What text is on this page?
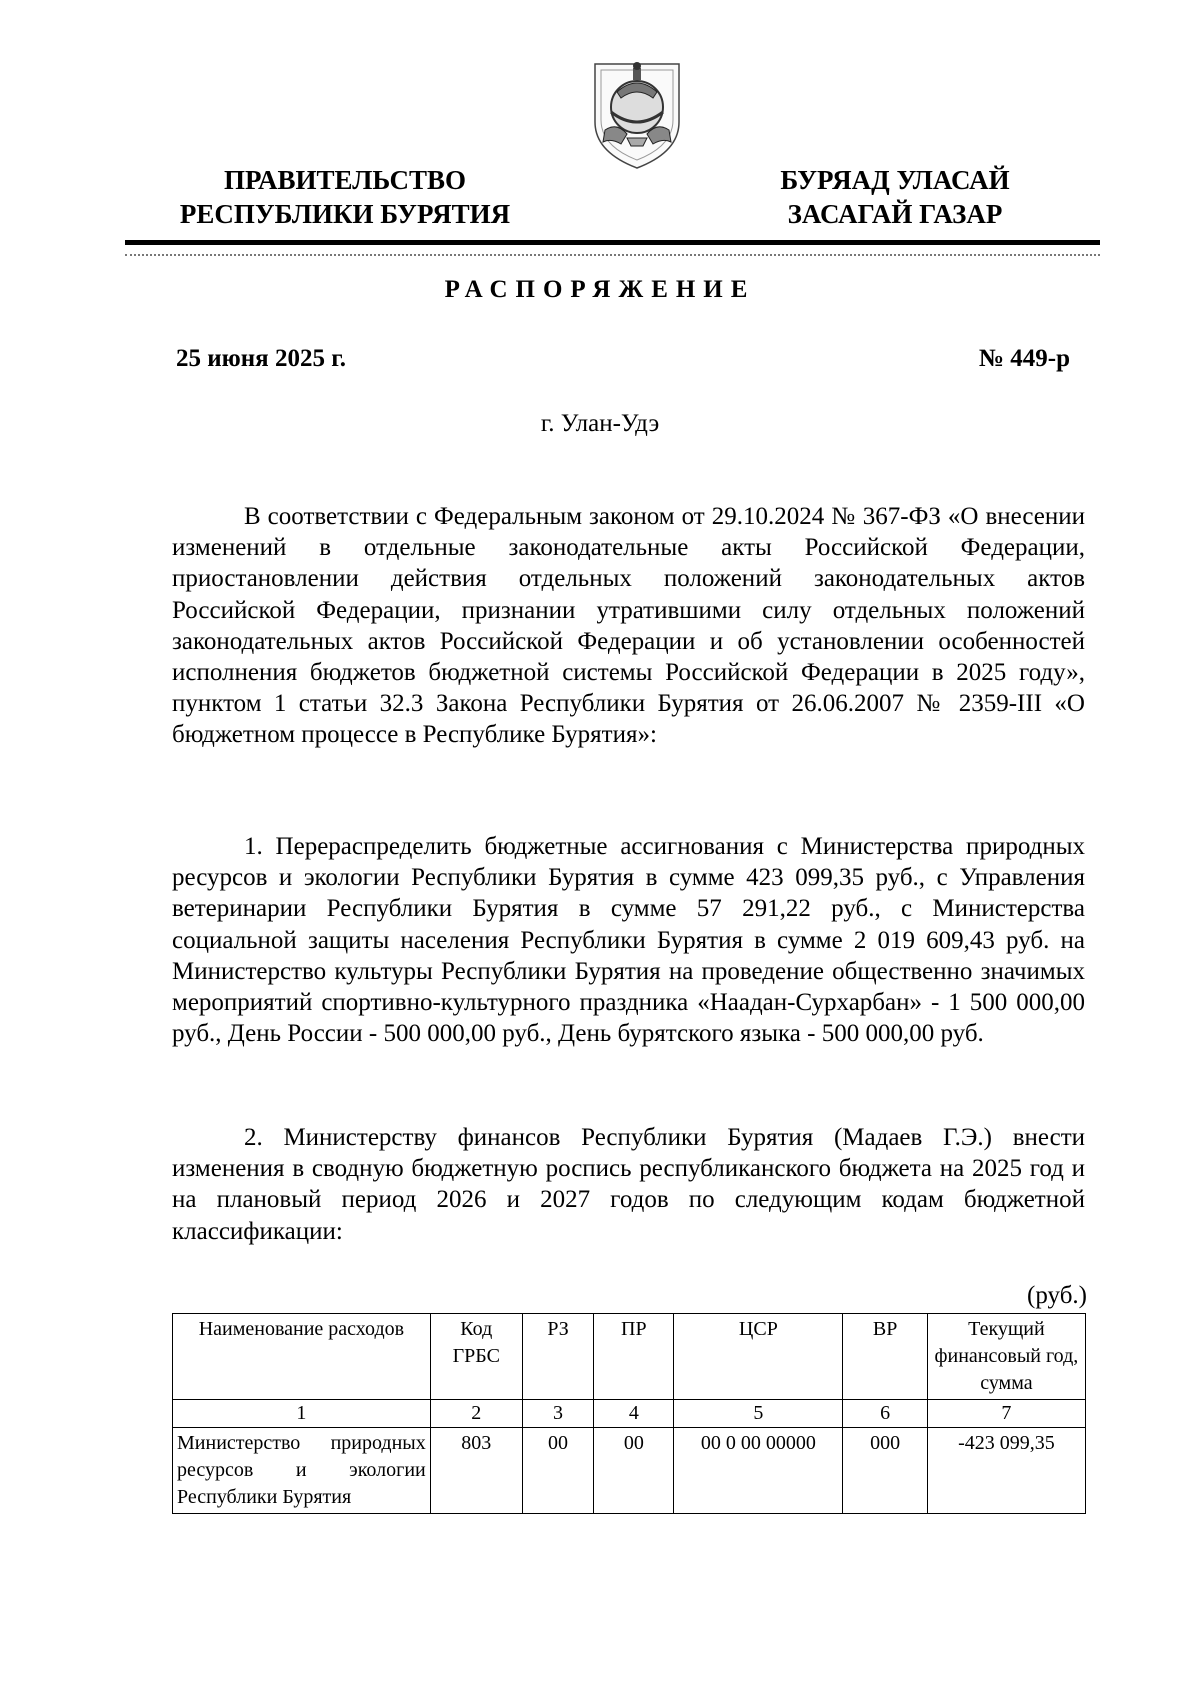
ПРАВИТЕЛЬСТВО
РЕСПУБЛИКИ БУРЯТИЯ
БУРЯАД УЛАСАЙ
ЗАСАГАЙ ГАЗАР
РАСПОРЯЖЕНИЕ
25 июня 2025 г.	№ 449-р
г. Улан-Удэ

В соответствии с Федеральным законом от 29.10.2024 № 367-ФЗ «О внесении изменений в отдельные законодательные акты Российской Федерации, приостановлении действия отдельных положений законодательных актов Российской Федерации, признании утратившими силу отдельных положений законодательных актов Российской Федерации и об установлении особенностей исполнения бюджетов бюджетной системы Российской Федерации в 2025 году», пунктом 1 статьи 32.3 Закона Республики Бурятия от 26.06.2007 № 2359-III «О бюджетном процессе в Республике Бурятия»:

1. Перераспределить бюджетные ассигнования с Министерства природных ресурсов и экологии Республики Бурятия в сумме 423 099,35 руб., с Управления ветеринарии Республики Бурятия в сумме 57 291,22 руб., с Министерства социальной защиты населения Республики Бурятия в сумме 2 019 609,43 руб. на Министерство культуры Республики Бурятия на проведение общественно значимых мероприятий спортивно-культурного праздника «Наадан-Сурхарбан» - 1 500 000,00 руб., День России - 500 000,00 руб., День бурятского языка - 500 000,00 руб.

2. Министерству финансов Республики Бурятия (Мадаев Г.Э.) внести изменения в сводную бюджетную роспись республиканского бюджета на 2025 год и на плановый период 2026 и 2027 годов по следующим кодам бюджетной классификации:

(руб.)
Наименование расходов	Код ГРБС	РЗ	ПР	ЦСР	ВР	Текущий финансовый год, сумма
1	2	3	4	5	6	7
Министерство природных ресурсов и экологии Республики Бурятия	803	00	00	00 0 00 00000	000	-423 099,35
